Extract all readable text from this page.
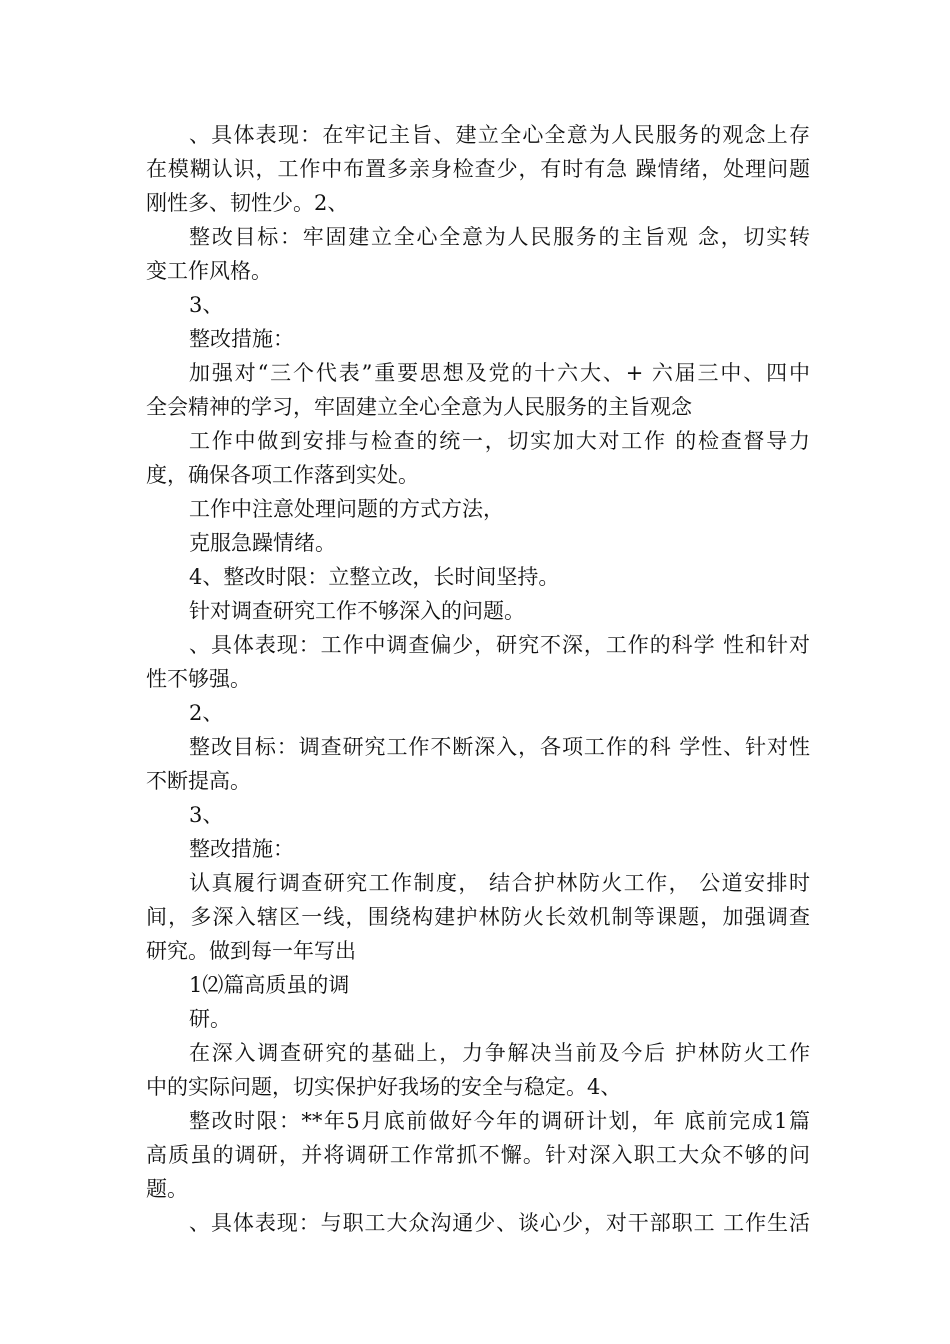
、具体表现：在牢记主旨、建立全心全意为人民服务的观念上存
在模糊认识，工作中布置多亲身检查少，有时有急 躁情绪，处理问题
刚性多、韧性少。2、
整改目标：牢固建立全心全意为人民服务的主旨观 念，切实转
变工作风格。
3、
整改措施：
加强对“三个代表”重要思想及党的十六大、+ 六届三中、四中
全会精神的学习，牢固建立全心全意为人民服务的主旨观念
工作中做到安排与检查的统一，切实加大对工作 的检查督导力
度，确保各项工作落到实处。
工作中注意处理问题的方式方法，
克服急躁情绪。
4、整改时限：立整立改，长时间坚持。
针对调查研究工作不够深入的问题。
、具体表现：工作中调查偏少，研究不深，工作的科学 性和针对
性不够强。
2、
整改目标：调查研究工作不断深入，各项工作的科 学性、针对性
不断提高。
3、
整改措施：
认真履行调查研究工作制度， 结合护林防火工作， 公道安排时
间，多深入辖区一线，围绕构建护林防火长效机制等课题，加强调查
研究。做到每一年写出
1⑵篇高质虽的调
研。
在深入调查研究的基础上，力争解决当前及今后 护林防火工作
中的实际问题，切实保护好我场的安全与稳定。4、
整改时限：**年5月底前做好今年的调研计划，年 底前完成1篇
高质虽的调研，并将调研工作常抓不懈。针对深入职工大众不够的问
题。
、具体表现：与职工大众沟通少、谈心少，对干部职工 工作生活
